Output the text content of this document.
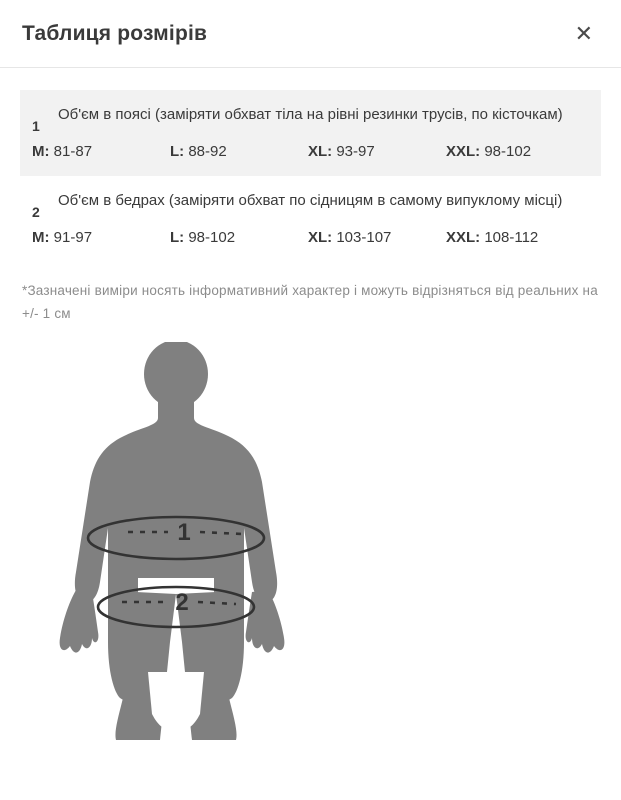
Таблиця розмірів	✕
1
Об'єм в поясі (заміряти обхват тіла на рівні резинки трусів, по кісточкам)
M: 81-87	L: 88-92	XL: 93-97	XXL: 98-102
2
Об'єм в бедрах (заміряти обхват по сідницям в самому випуклому місці)
M: 91-97	L: 98-102	XL: 103-107	XXL: 108-112
*Зазначені виміри носять інформативний характер і можуть відрізняться від реальних на +/- 1 см
1
2
